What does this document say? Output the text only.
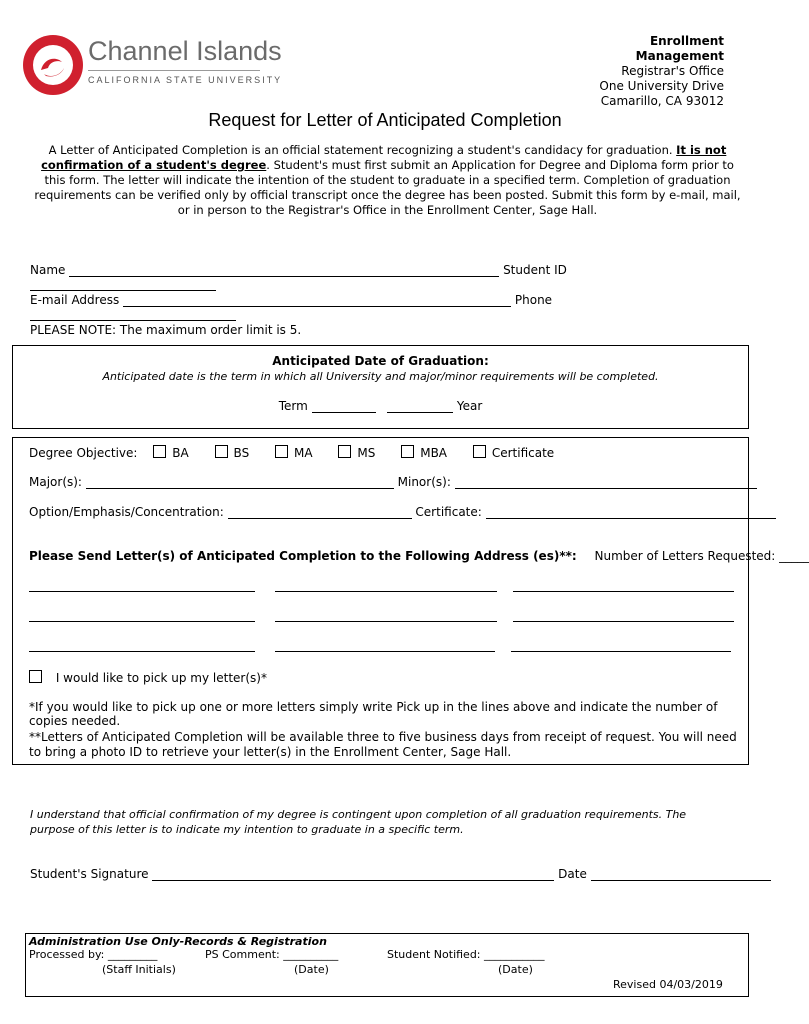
Channel Islands
CALIFORNIA STATE UNIVERSITY
Enrollment
Management
Registrar's Office
One University Drive
Camarillo, CA 93012
Request for Letter of Anticipated Completion
A Letter of Anticipated Completion is an official statement recognizing a student's candidacy for graduation. It is not confirmation of a student's degree. Student's must first submit an Application for Degree and Diploma form prior to this form. The letter will indicate the intention of the student to graduate in a specified term. Completion of graduation requirements can be verified only by official transcript once the degree has been posted. Submit this form by e-mail, mail, or in person to the Registrar's Office in the Enrollment Center, Sage Hall.
Name	Student ID
E-mail Address	Phone
PLEASE NOTE: The maximum order limit is 5.
Anticipated Date of Graduation:
Anticipated date is the term in which all University and major/minor requirements will be completed.
Term	Year
Degree Objective:	BA	BS	MA	MS	MBA	Certificate
Major(s):	Minor(s):
Option/Emphasis/Concentration:	Certificate:
Please Send Letter(s) of Anticipated Completion to the Following Address (es)**: Number of Letters Requested: _____
I would like to pick up my letter(s)*
*If you would like to pick up one or more letters simply write Pick up in the lines above and indicate the number of copies needed.
**Letters of Anticipated Completion will be available three to five business days from receipt of request. You will need to bring a photo ID to retrieve your letter(s) in the Enrollment Center, Sage Hall.
I understand that official confirmation of my degree is contingent upon completion of all graduation requirements. The purpose of this letter is to indicate my intention to graduate in a specific term.
Student's Signature	Date
Administration Use Only-Records & Registration
Processed by: _________	PS Comment: __________	Student Notified: ___________
(Staff Initials)	(Date)	(Date)
Revised 04/03/2019
